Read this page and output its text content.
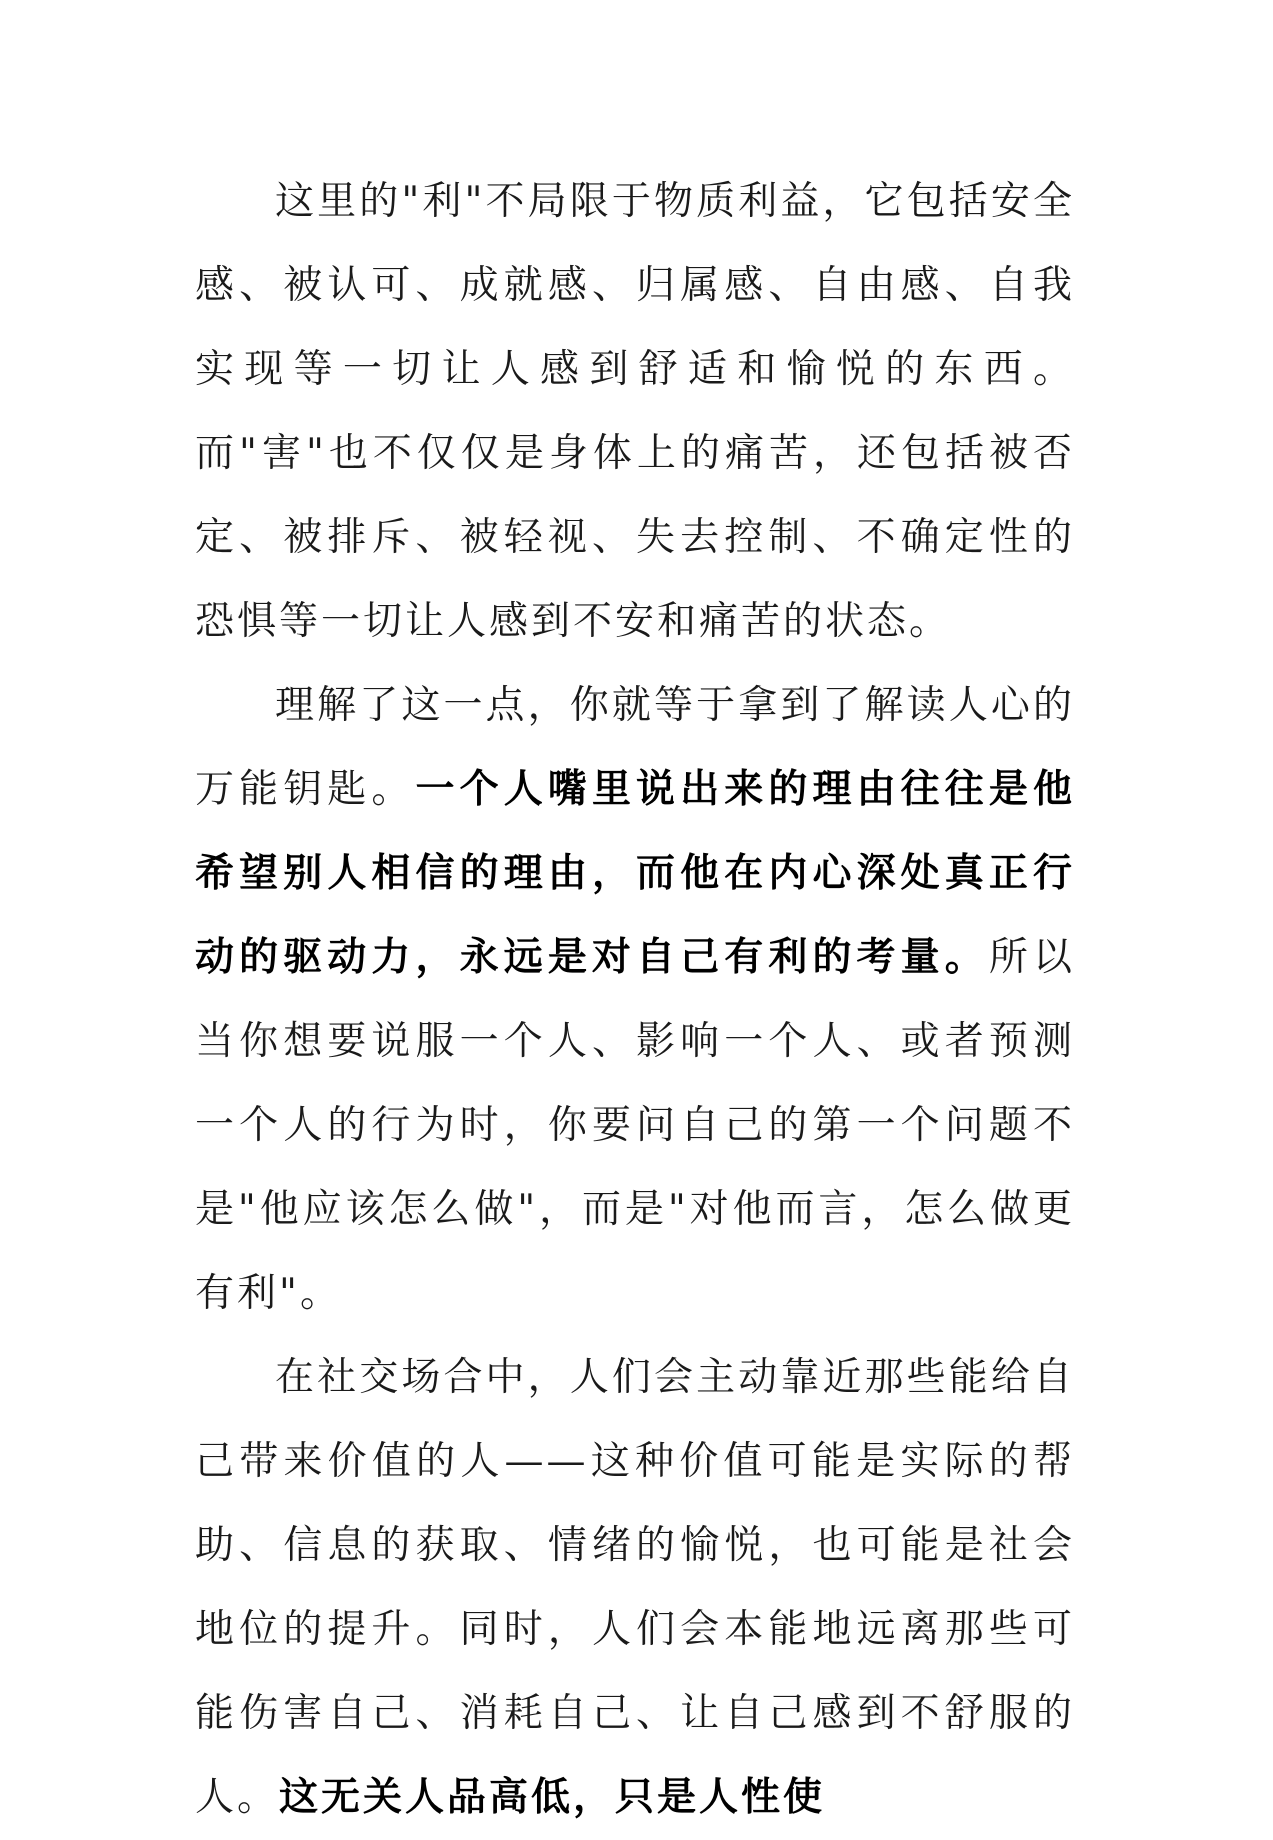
这里的"利"不局限于物质利益，它包括安全感、被认可、成就感、归属感、自由感、自我实现等一切让人感到舒适和愉悦的东西。而"害"也不仅仅是身体上的痛苦，还包括被否定、被排斥、被轻视、失去控制、不确定性的恐惧等一切让人感到不安和痛苦的状态。

理解了这一点，你就等于拿到了解读人心的万能钥匙。一个人嘴里说出来的理由往往是他希望别人相信的理由，而他在内心深处真正行动的驱动力，永远是对自己有利的考量。所以当你想要说服一个人、影响一个人、或者预测一个人的行为时，你要问自己的第一个问题不是"他应该怎么做"，而是"对他而言，怎么做更有利"。

在社交场合中，人们会主动靠近那些能给自己带来价值的人——这种价值可能是实际的帮助、信息的获取、情绪的愉悦，也可能是社会地位的提升。同时，人们会本能地远离那些可能伤害自己、消耗自己、让自己感到不舒服的人。这无关人品高低，只是人性使
